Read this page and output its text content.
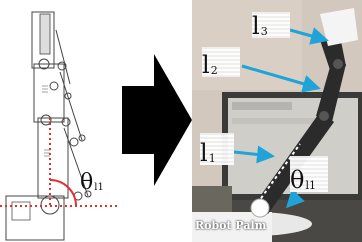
θ l1
l 3
l 2
l 1
θ l1
Robot Palm
